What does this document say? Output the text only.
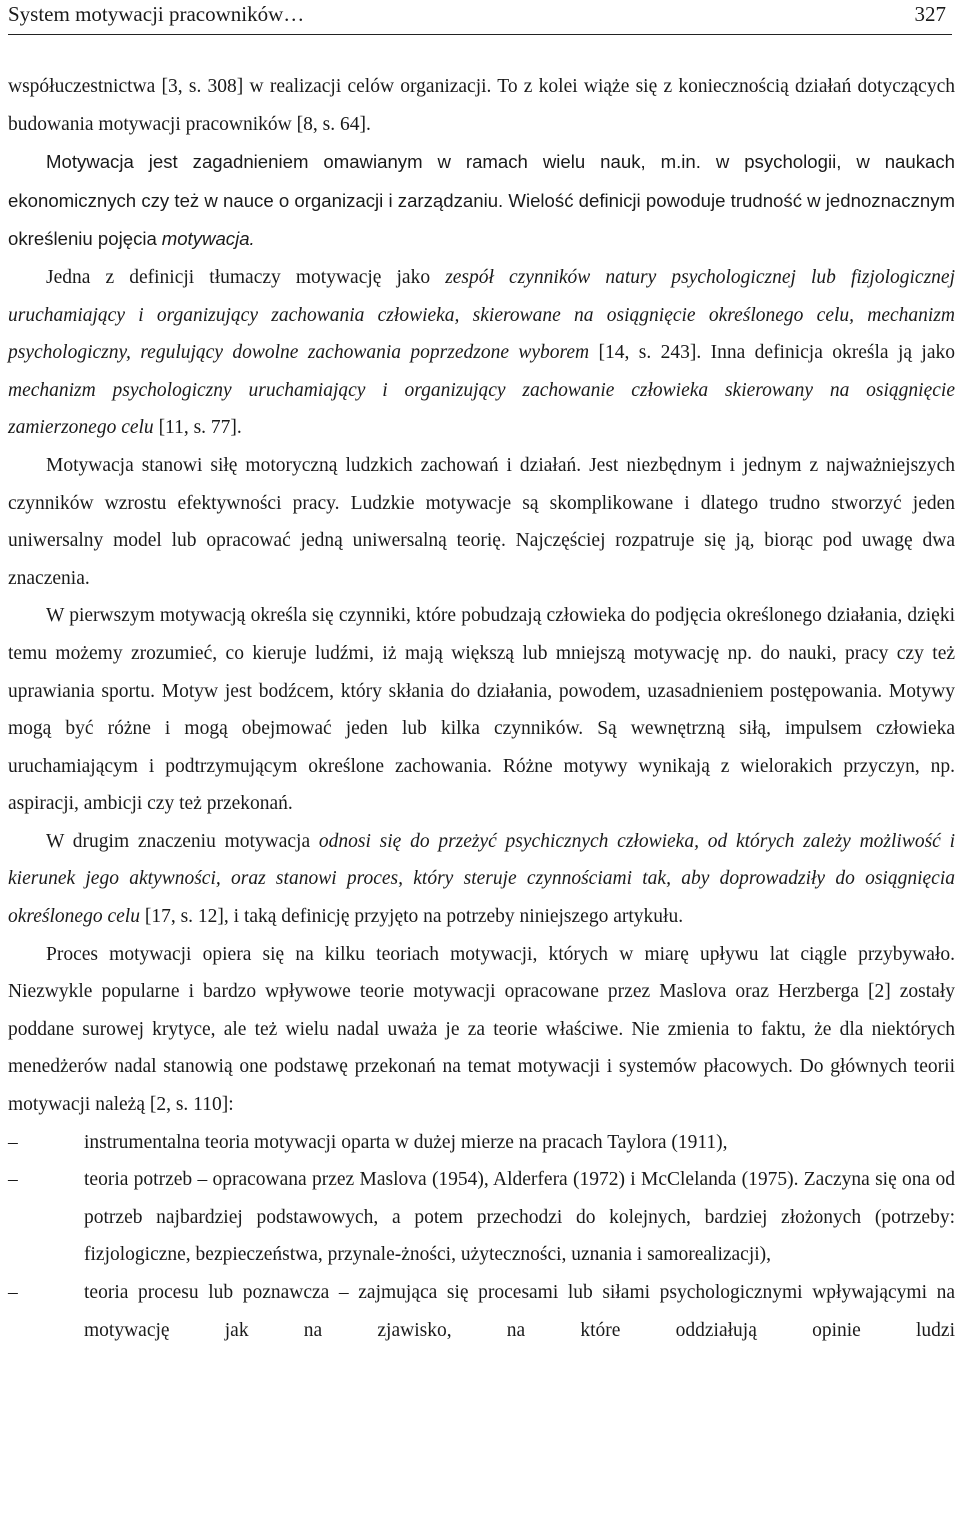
System motywacji pracowników…	327

współuczestnictwa [3, s. 308] w realizacji celów organizacji. To z kolei wiąże się z koniecznością działań dotyczących budowania motywacji pracowników [8, s. 64].

Motywacja jest zagadnieniem omawianym w ramach wielu nauk, m.in. w psychologii, w naukach ekonomicznych czy też w nauce o organizacji i zarządzaniu. Wielość definicji powoduje trudność w jednoznacznym określeniu pojęcia motywacja.

Jedna z definicji tłumaczy motywację jako zespół czynników natury psychologicznej lub fizjologicznej uruchamiający i organizujący zachowania człowieka, skierowane na osiągnięcie określonego celu, mechanizm psychologiczny, regulujący dowolne zachowania poprzedzone wyborem [14, s. 243]. Inna definicja określa ją jako mechanizm psychologiczny uruchamiający i organizujący zachowanie człowieka skierowany na osiągnięcie zamierzonego celu [11, s. 77].

Motywacja stanowi siłę motoryczną ludzkich zachowań i działań. Jest niezbędnym i jednym z najważniejszych czynników wzrostu efektywności pracy. Ludzkie motywacje są skomplikowane i dlatego trudno stworzyć jeden uniwersalny model lub opracować jedną uniwersalną teorię. Najczęściej rozpatruje się ją, biorąc pod uwagę dwa znaczenia.

W pierwszym motywacją określa się czynniki, które pobudzają człowieka do podjęcia określonego działania, dzięki temu możemy zrozumieć, co kieruje ludźmi, iż mają większą lub mniejszą motywację np. do nauki, pracy czy też uprawiania sportu. Motyw jest bodźcem, który skłania do działania, powodem, uzasadnieniem postępowania. Motywy mogą być różne i mogą obejmować jeden lub kilka czynników. Są wewnętrzną siłą, impulsem człowieka uruchamiającym i podtrzymującym określone zachowania. Różne motywy wynikają z wielorakich przyczyn, np. aspiracji, ambicji czy też przekonań.

W drugim znaczeniu motywacja odnosi się do przeżyć psychicznych człowieka, od których zależy możliwość i kierunek jego aktywności, oraz stanowi proces, który steruje czynnościami tak, aby doprowadziły do osiągnięcia określonego celu [17, s. 12], i taką definicję przyjęto na potrzeby niniejszego artykułu.

Proces motywacji opiera się na kilku teoriach motywacji, których w miarę upływu lat ciągle przybywało. Niezwykle popularne i bardzo wpływowe teorie motywacji opracowane przez Maslova oraz Herzberga [2] zostały poddane surowej krytyce, ale też wielu nadal uważa je za teorie właściwe. Nie zmienia to faktu, że dla niektórych menedżerów nadal stanowią one podstawę przekonań na temat motywacji i systemów płacowych. Do głównych teorii motywacji należą [2, s. 110]:

–	instrumentalna teoria motywacji oparta w dużej mierze na pracach Taylora (1911),
–	teoria potrzeb – opracowana przez Maslova (1954), Alderfera (1972) i McClelanda (1975). Zaczyna się ona od potrzeb najbardziej podstawowych, a potem przechodzi do kolejnych, bardziej złożonych (potrzeby: fizjologiczne, bezpieczeństwa, przynale-żności, użyteczności, uznania i samorealizacji),
–	teoria procesu lub poznawcza – zajmująca się procesami lub siłami psychologicznymi wpływającymi na motywację jak na zjawisko, na które oddziałują opinie ludzi
